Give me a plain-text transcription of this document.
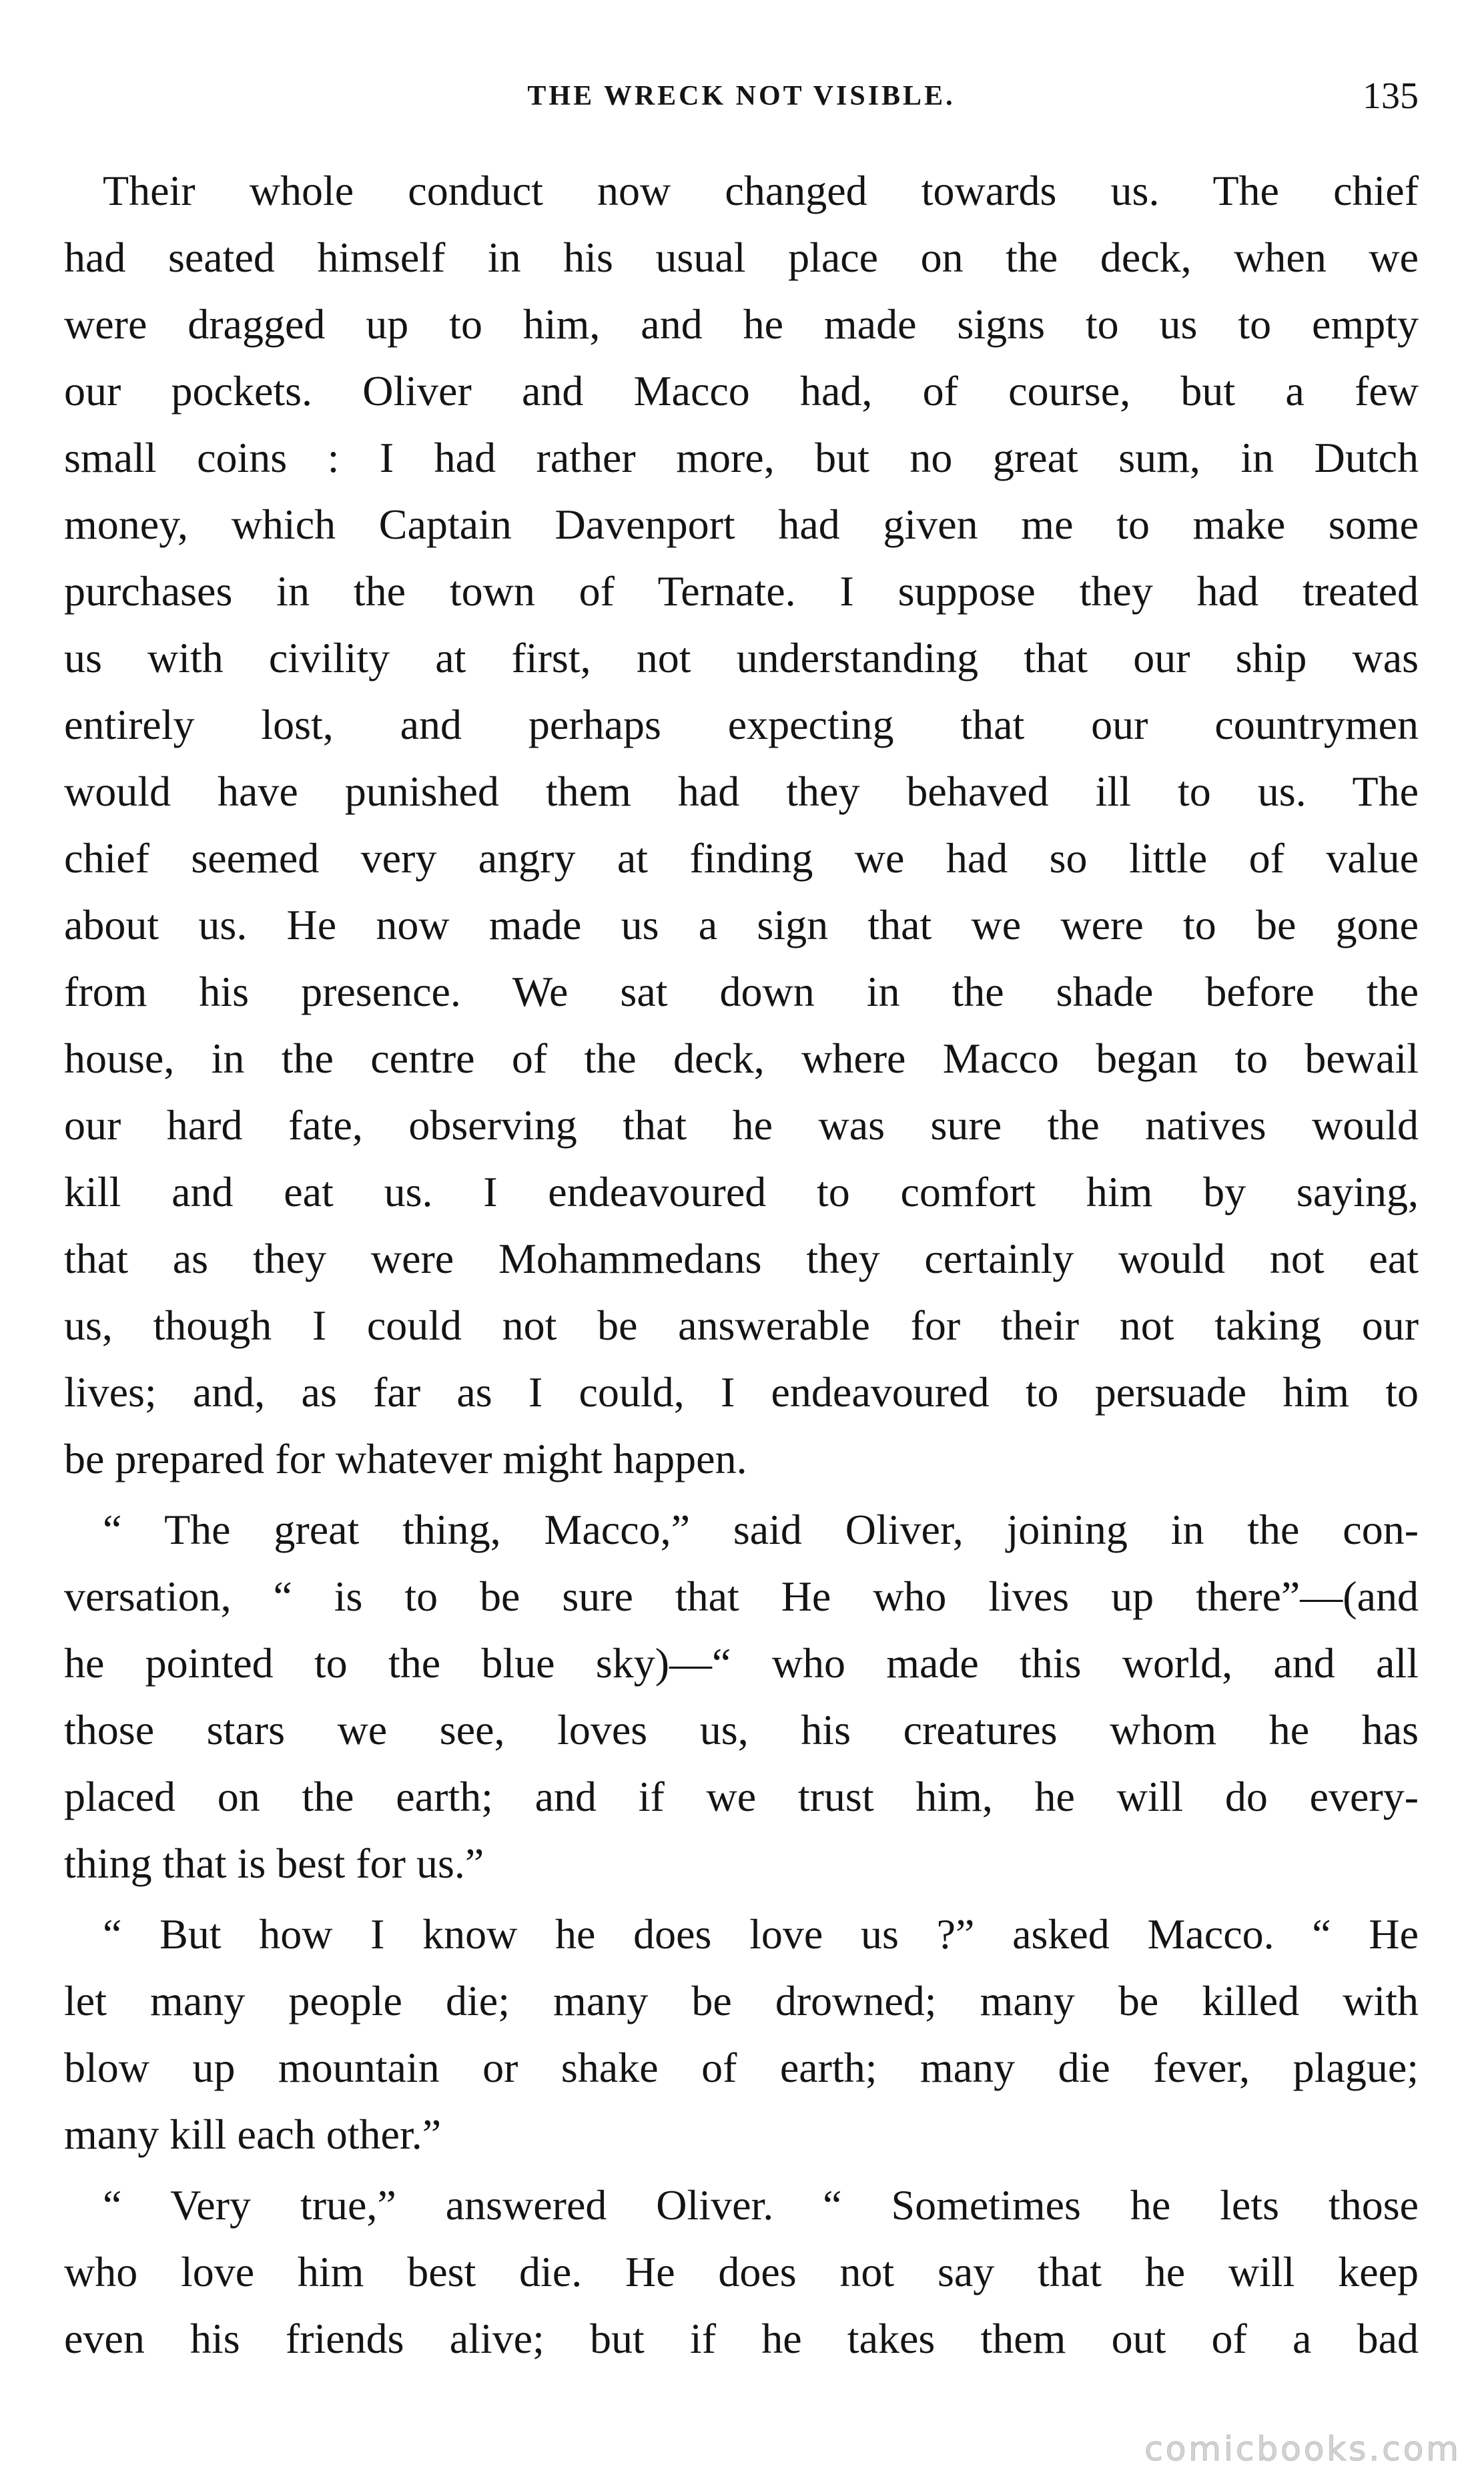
THE WRECK NOT VISIBLE.	135
Their whole conduct now changed towards us. The chief
had seated himself in his usual place on the deck, when we
were dragged up to him, and he made signs to us to empty
our pockets. Oliver and Macco had, of course, but a few
small coins : I had rather more, but no great sum, in Dutch
money, which Captain Davenport had given me to make some
purchases in the town of Ternate. I suppose they had treated
us with civility at first, not understanding that our ship was
entirely lost, and perhaps expecting that our countrymen
would have punished them had they behaved ill to us. The
chief seemed very angry at finding we had so little of value
about us. He now made us a sign that we were to be gone
from his presence. We sat down in the shade before the
house, in the centre of the deck, where Macco began to bewail
our hard fate, observing that he was sure the natives would
kill and eat us. I endeavoured to comfort him by saying,
that as they were Mohammedans they certainly would not eat
us, though I could not be answerable for their not taking our
lives; and, as far as I could, I endeavoured to persuade him to
be prepared for whatever might happen.
“ The great thing, Macco,” said Oliver, joining in the con-
versation, “ is to be sure that He who lives up there”—(and
he pointed to the blue sky)—“ who made this world, and all
those stars we see, loves us, his creatures whom he has
placed on the earth; and if we trust him, he will do every-
thing that is best for us.”
“ But how I know he does love us ?” asked Macco. “ He
let many people die; many be drowned; many be killed with
blow up mountain or shake of earth; many die fever, plague;
many kill each other.”
“ Very true,” answered Oliver. “ Sometimes he lets those
who love him best die. He does not say that he will keep
even his friends alive; but if he takes them out of a bad
comicbooks.com
